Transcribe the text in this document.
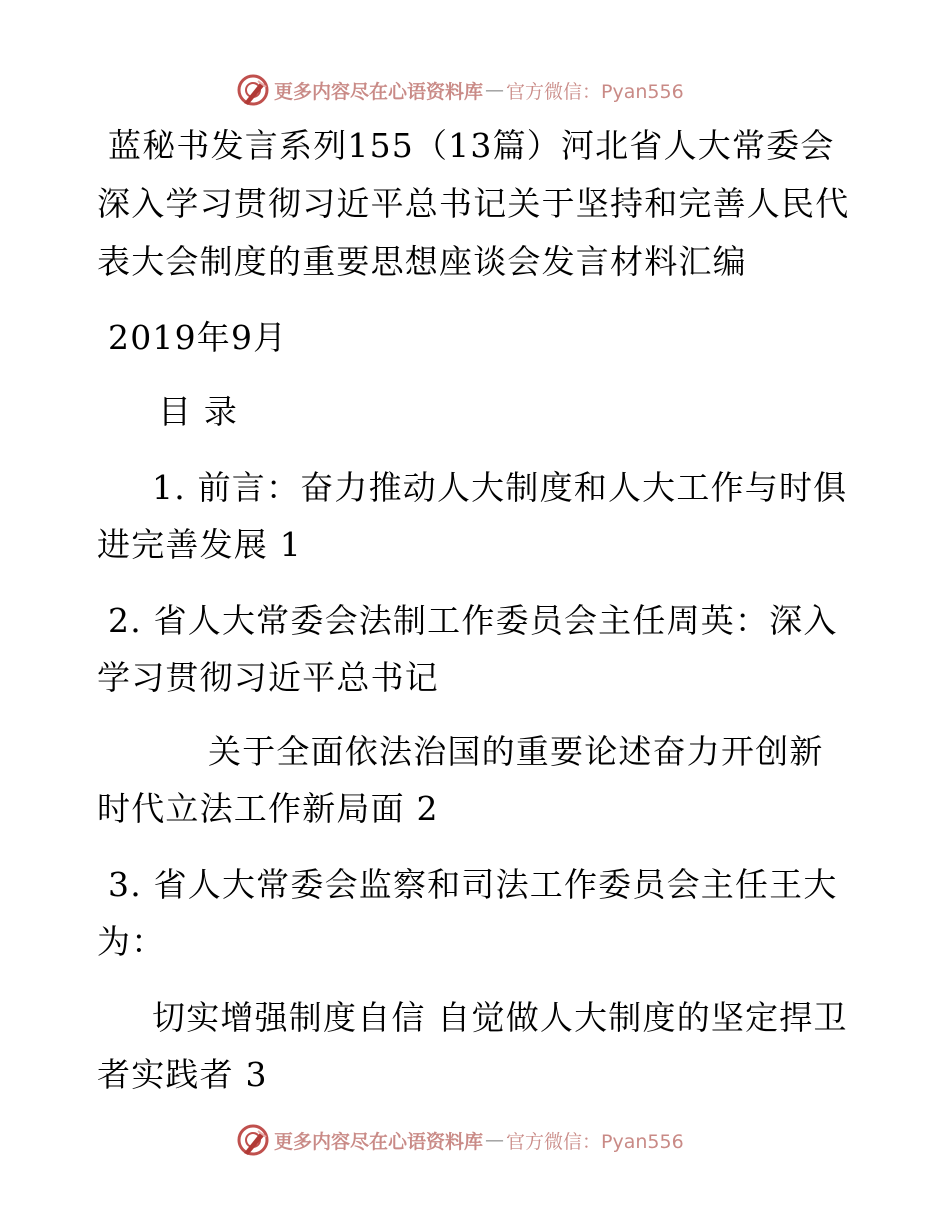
更多内容尽在心语资料库 — 官方微信：Pyan556
蓝秘书发言系列155（13篇）河北省人大常委会
深入学习贯彻习近平总书记关于坚持和完善人民代
表大会制度的重要思想座谈会发言材料汇编
2019年9月
目 录
1. 前言：奋力推动人大制度和人大工作与时俱
进完善发展 1
2. 省人大常委会法制工作委员会主任周英：深入
学习贯彻习近平总书记
关于全面依法治国的重要论述奋力开创新
时代立法工作新局面 2
3. 省人大常委会监察和司法工作委员会主任王大
为：
切实增强制度自信 自觉做人大制度的坚定捍卫
者实践者 3
更多内容尽在心语资料库 — 官方微信：Pyan556
